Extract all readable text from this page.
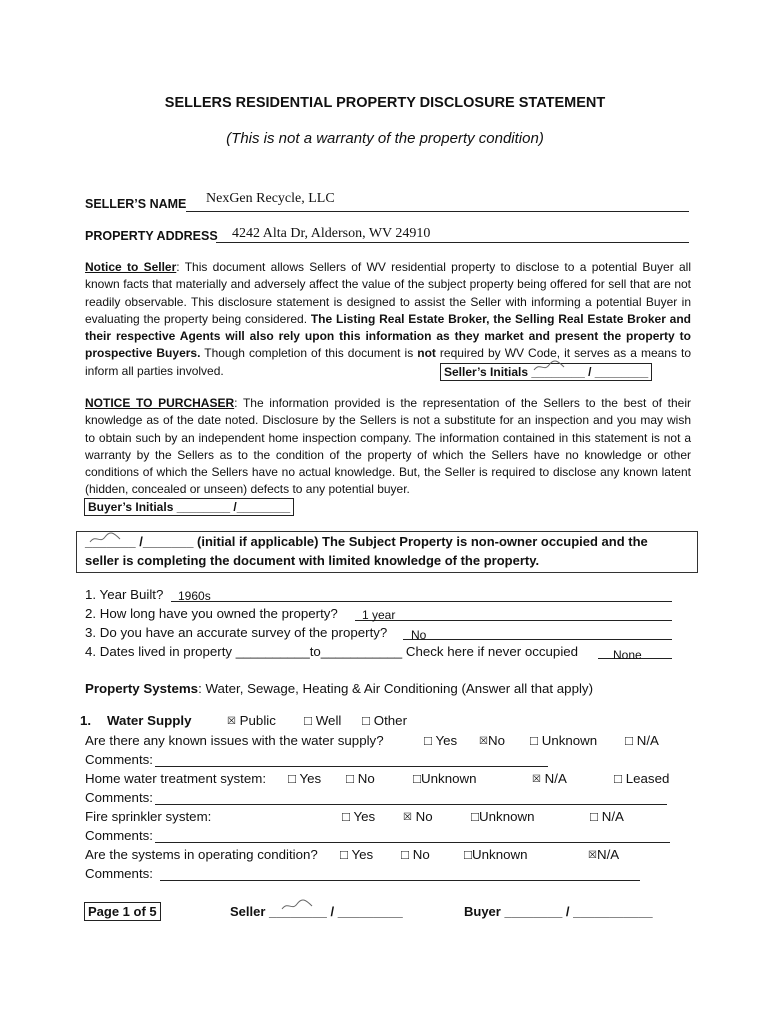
SELLERS RESIDENTIAL PROPERTY DISCLOSURE STATEMENT
(This is not a warranty of the property condition)
SELLER’S NAME NexGen Recycle, LLC
PROPERTY ADDRESS 4242 Alta Dr, Alderson, WV 24910
Notice to Seller: This document allows Sellers of WV residential property to disclose to a potential Buyer all known facts that materially and adversely affect the value of the subject property being offered for sell that are not readily observable. This disclosure statement is designed to assist the Seller with informing a potential Buyer in evaluating the property being considered. The Listing Real Estate Broker, the Selling Real Estate Broker and their respective Agents will also rely upon this information as they market and present the property to prospective Buyers. Though completion of this document is not required by WV Code, it serves as a means to inform all parties involved.	Seller’s Initials ________ / ________
NOTICE TO PURCHASER: The information provided is the representation of the Sellers to the best of their knowledge as of the date noted. Disclosure by the Sellers is not a substitute for an inspection and you may wish to obtain such by an independent home inspection company. The information contained in this statement is not a warranty by the Sellers as to the condition of the property of which the Sellers have no knowledge or other conditions of which the Sellers have no actual knowledge. But, the Seller is required to disclose any known latent (hidden, concealed or unseen) defects to any potential buyer.
Buyer’s Initials ________ /________
_______ /_______ (initial if applicable) The Subject Property is non-owner occupied and the
seller is completing the document with limited knowledge of the property.
1. Year Built? 1960s
2. How long have you owned the property? 1 year
3. Do you have an accurate survey of the property? No
4. Dates lived in property __________to___________ Check here if never occupied	None
Property Systems: Water, Sewage, Heating & Air Conditioning (Answer all that apply)
1. Water Supply	☒ Public □ Well □ Other
Are there any known issues with the water supply?	□ Yes ☒No □ Unknown □ N/A
Comments:
Home water treatment system: □ Yes □ No	□Unknown	☒ N/A	□ Leased
Comments:
Fire sprinkler system:	□ Yes	☒ No	□Unknown	□ N/A
Comments:
Are the systems in operating condition? □ Yes □ No	□Unknown	☒N/A
Comments:
Page 1 of 5	Seller ________ / _________	Buyer ________ / ___________
